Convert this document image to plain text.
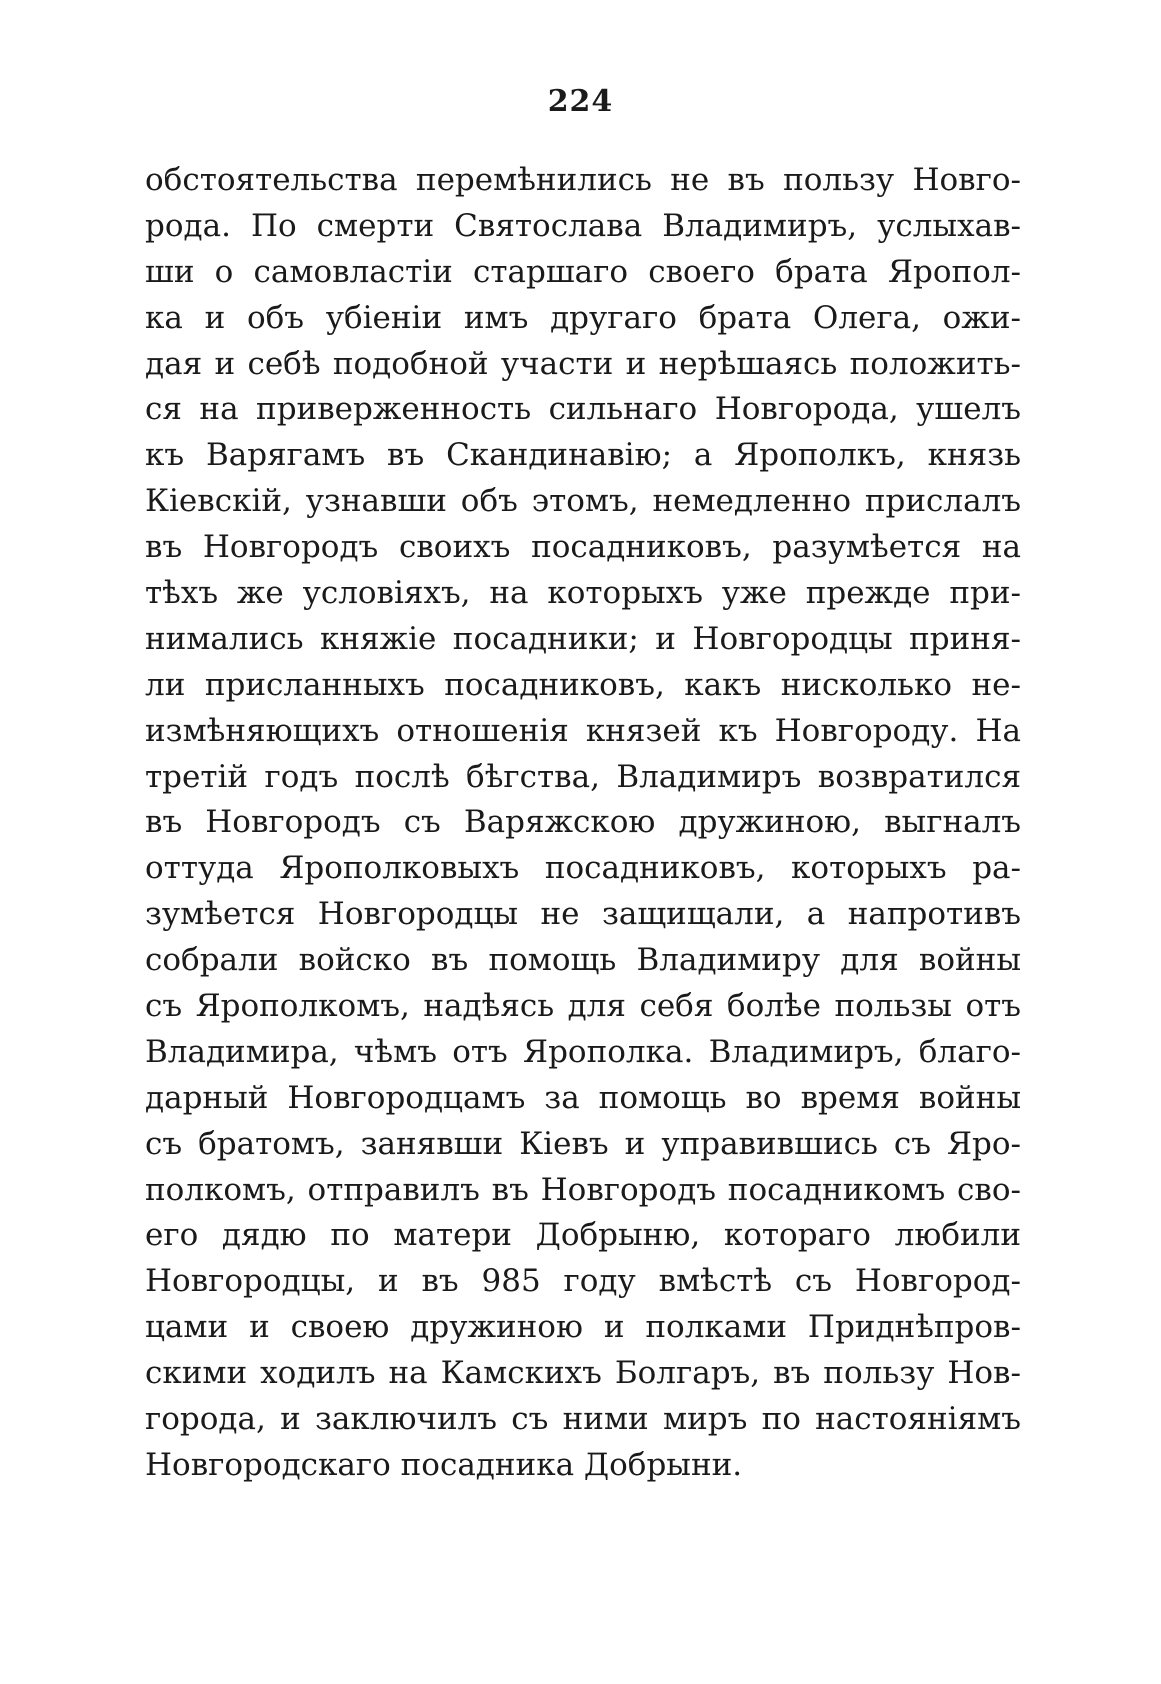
224
обстоятельства перемѣнились не въ пользу Новго-
рода. По смерти Святослава Владимиръ, услыхав-
ши о самовластіи старшаго своего брата Яропол-
ка и объ убіеніи имъ другаго брата Олега, ожи-
дая и себѣ подобной участи и нерѣшаясь положить-
ся на приверженность сильнаго Новгорода, ушелъ
къ Варягамъ въ Скандинавію; а Ярополкъ, князь
Кіевскій, узнавши объ этомъ, немедленно прислалъ
въ Новгородъ своихъ посадниковъ, разумѣется на
тѣхъ же условіяхъ, на которыхъ уже прежде при-
нимались княжіе посадники; и Новгородцы приня-
ли присланныхъ посадниковъ, какъ нисколько не-
измѣняющихъ отношенія князей къ Новгороду. На
третій годъ послѣ бѣгства, Владимиръ возвратился
въ Новгородъ съ Варяжскою дружиною, выгналъ
оттуда Ярополковыхъ посадниковъ, которыхъ ра-
зумѣется Новгородцы не защищали, а напротивъ
собрали войско въ помощь Владимиру для войны
съ Ярополкомъ, надѣясь для себя болѣе пользы отъ
Владимира, чѣмъ отъ Ярополка. Владимиръ, благо-
дарный Новгородцамъ за помощь во время войны
съ братомъ, занявши Кіевъ и управившись съ Яро-
полкомъ, отправилъ въ Новгородъ посадникомъ сво-
его дядю по матери Добрыню, котораго любили
Новгородцы, и въ 985 году вмѣстѣ съ Новгород-
цами и своею дружиною и полками Приднѣпров-
скими ходилъ на Камскихъ Болгаръ, въ пользу Нов-
города, и заключилъ съ ними миръ по настояніямъ
Новгородскаго посадника Добрыни.
